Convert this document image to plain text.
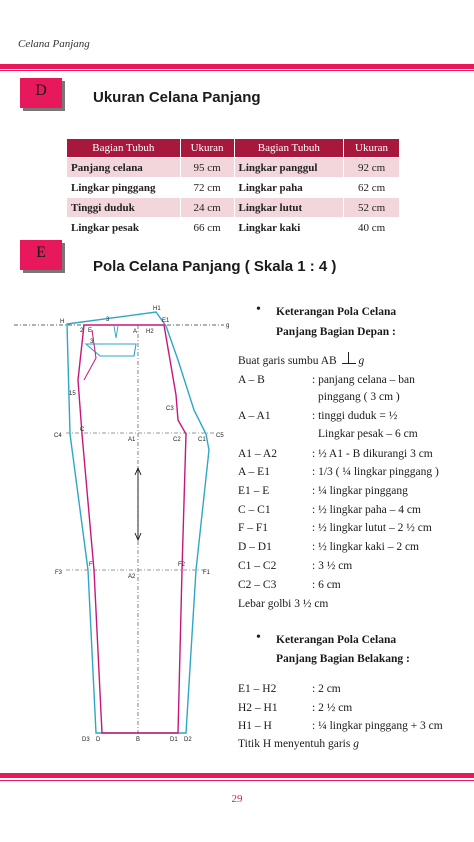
Celana Panjang
D	Ukuran Celana Panjang
Bagian Tubuh	Ukuran	Bagian Tubuh	Ukuran
Panjang celana	95 cm	Lingkar panggul	92 cm
Lingkar pinggang	72 cm	Lingkar paha	62 cm
Tinggi duduk	24 cm	Lingkar lutut	52 cm
Lingkar pesak	66 cm	Lingkar kaki	40 cm
E
Pola Celana Panjang ( Skala 1 : 4 )
H1
H	E1
g
2 E
3
A H2
3
15
C3
C4
C
A1	C2	C1
C5
F3
F
A2
F2
F1
D3 D	B	D1 D2
• Keterangan Pola Celana
Panjang Bagian Depan :
Buat garis sumbu AB g
A – B	: panjang celana – ban
pinggang ( 3 cm )
A – A1	: tinggi duduk = ½
Lingkar pesak – 6 cm
A1 – A2	: ½ A1 - B dikurangi 3 cm
A – E1	: 1/3 ( ¼ lingkar pinggang )
E1 – E	: ¼ lingkar pinggang
C – C1	: ½ lingkar paha – 4 cm
F – F1	: ½ lingkar lutut – 2 ½ cm
D – D1	: ½ lingkar kaki – 2 cm
C1 – C2	: 3 ½ cm
C2 – C3	: 6 cm
Lebar golbi 3 ½ cm
• Keterangan Pola Celana
Panjang Bagian Belakang :
E1 – H2	: 2 cm
H2 – H1	: 2 ½ cm
H1 – H	: ¼ lingkar pinggang + 3 cm
Titik H menyentuh garis g
29
